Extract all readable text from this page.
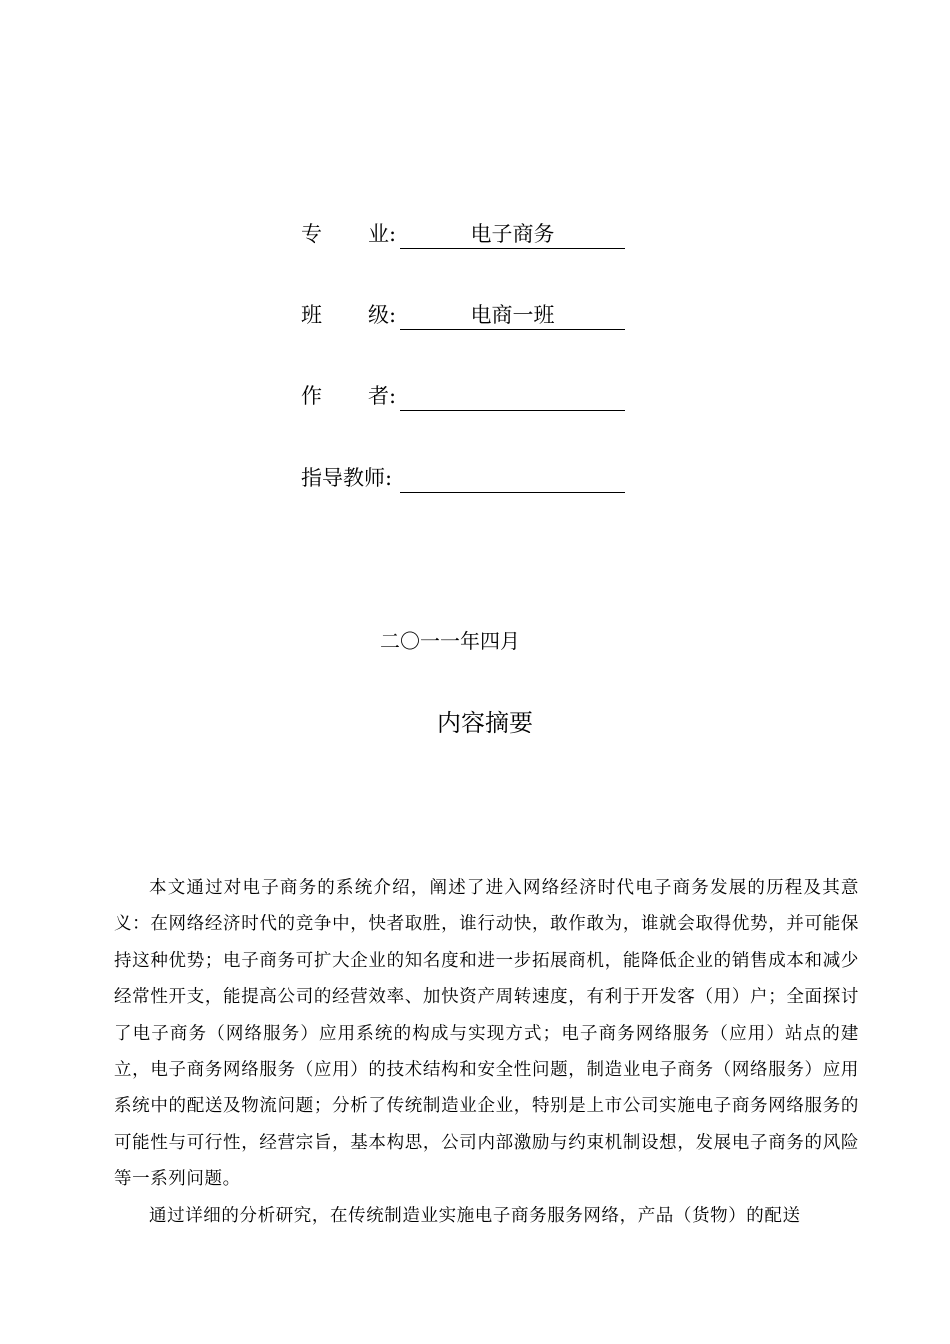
专 业:	电子商务
班 级:	电商一班
作 者:
指导教师:
二〇一一年四月
内容摘要

本文通过对电子商务的系统介绍，阐述了进入网络经济时代电子商务发展的历程及其意义：在网络经济时代的竞争中，快者取胜，谁行动快，敢作敢为，谁就会取得优势，并可能保持这种优势；电子商务可扩大企业的知名度和进一步拓展商机，能降低企业的销售成本和减少经常性开支，能提高公司的经营效率、加快资产周转速度，有利于开发客（用）户；全面探讨了电子商务（网络服务）应用系统的构成与实现方式；电子商务网络服务（应用）站点的建立，电子商务网络服务（应用）的技术结构和安全性问题，制造业电子商务（网络服务）应用系统中的配送及物流问题；分析了传统制造业企业，特别是上市公司实施电子商务网络服务的可能性与可行性，经营宗旨，基本构思，公司内部激励与约束机制设想，发展电子商务的风险等一系列问题。

通过详细的分析研究，在传统制造业实施电子商务服务网络，产品（货物）的配送
